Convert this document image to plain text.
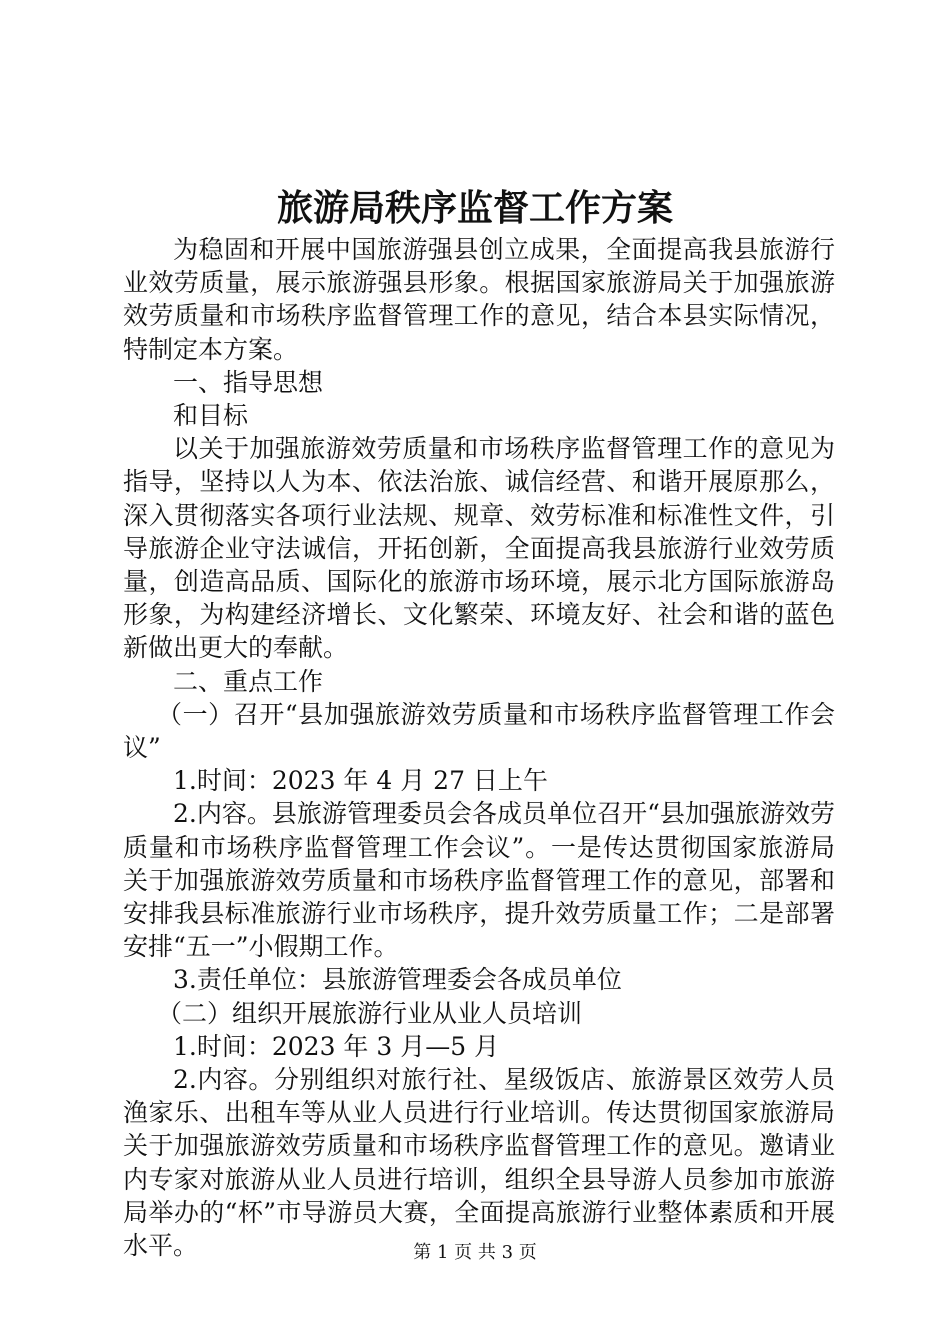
旅游局秩序监督工作方案

为稳固和开展中国旅游强县创立成果，全面提高我县旅游行业效劳质量，展示旅游强县形象。根据国家旅游局关于加强旅游效劳质量和市场秩序监督管理工作的意见，结合本县实际情况，特制定本方案。

一、指导思想

和目标

以关于加强旅游效劳质量和市场秩序监督管理工作的意见为指导，坚持以人为本、依法治旅、诚信经营、和谐开展原那么，深入贯彻落实各项行业法规、规章、效劳标准和标准性文件，引导旅游企业守法诚信，开拓创新，全面提高我县旅游行业效劳质量，创造高品质、国际化的旅游市场环境，展示北方国际旅游岛形象，为构建经济增长、文化繁荣、环境友好、社会和谐的蓝色新做出更大的奉献。

二、重点工作

（一）召开“县加强旅游效劳质量和市场秩序监督管理工作会议”

1.时间：2023 年 4 月 27 日上午

2.内容。县旅游管理委员会各成员单位召开“县加强旅游效劳质量和市场秩序监督管理工作会议”。一是传达贯彻国家旅游局关于加强旅游效劳质量和市场秩序监督管理工作的意见，部署和安排我县标准旅游行业市场秩序，提升效劳质量工作；二是部署安排“五一”小假期工作。

3.责任单位：县旅游管理委会各成员单位

（二）组织开展旅游行业从业人员培训

1.时间：2023 年 3 月—5 月

2.内容。分别组织对旅行社、星级饭店、旅游景区效劳人员渔家乐、出租车等从业人员进行行业培训。传达贯彻国家旅游局关于加强旅游效劳质量和市场秩序监督管理工作的意见。邀请业内专家对旅游从业人员进行培训，组织全县导游人员参加市旅游局举办的“杯”市导游员大赛，全面提高旅游行业整体素质和开展水平。	第 1 页 共 3 页
